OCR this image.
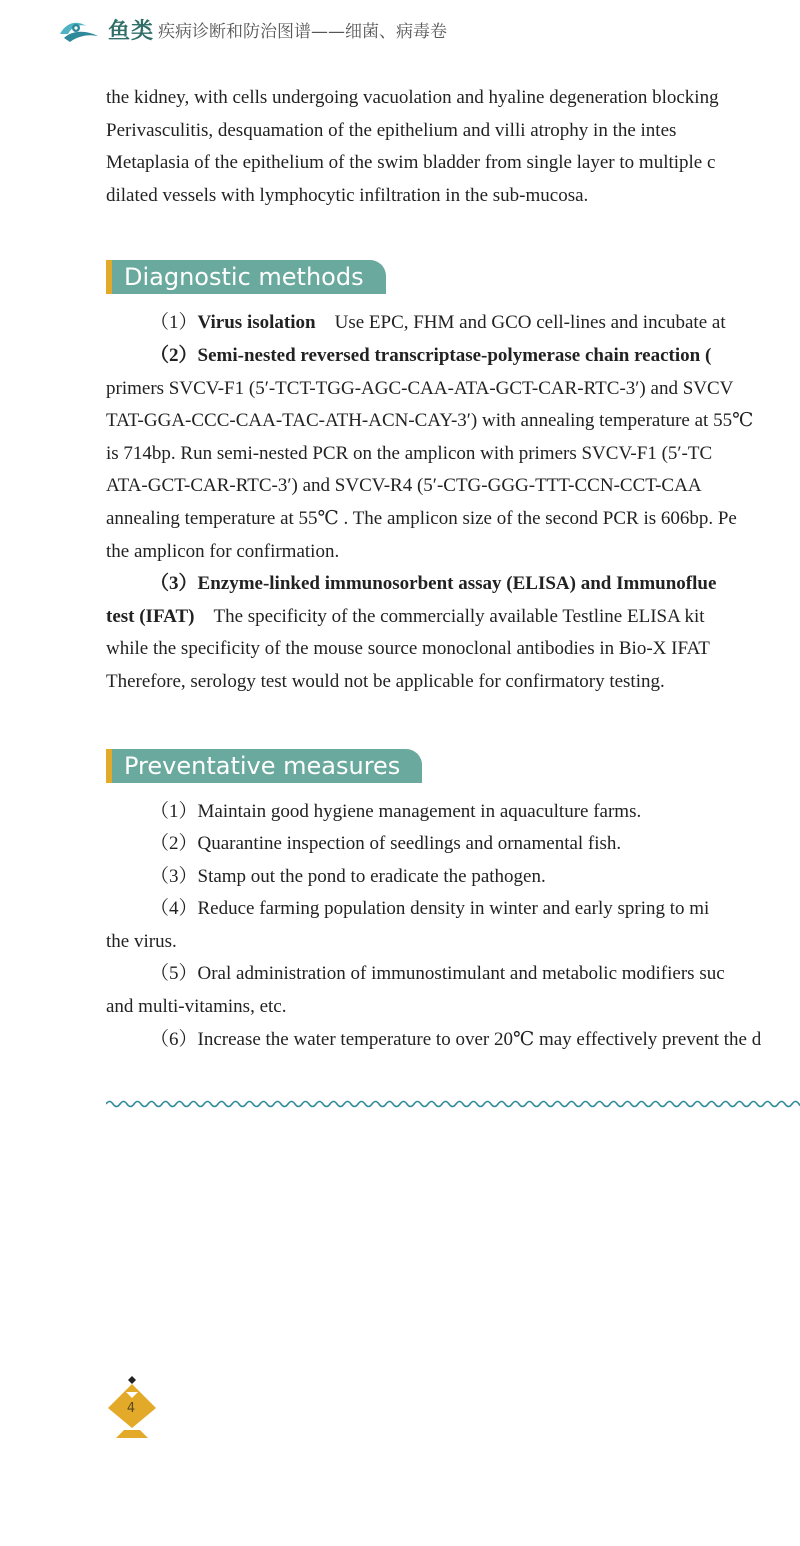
鱼类 疾病诊断和防治图谱——细菌、病毒卷
the kidney, with cells undergoing vacuolation and hyaline degeneration blocking
Perivasculitis, desquamation of the epithelium and villi atrophy in the intes
Metaplasia of the epithelium of the swim bladder from single layer to multiple c
dilated vessels with lymphocytic infiltration in the sub-mucosa.
Diagnostic methods
（1）Virus isolation Use EPC, FHM and GCO cell-lines and incubate at
（2）Semi-nested reversed transcriptase-polymerase chain reaction (
primers SVCV-F1 (5′-TCT-TGG-AGC-CAA-ATA-GCT-CAR-RTC-3′) and SVCV
TAT-GGA-CCC-CAA-TAC-ATH-ACN-CAY-3′) with annealing temperature at 55℃
is 714bp. Run semi-nested PCR on the amplicon with primers SVCV-F1 (5′-TC
ATA-GCT-CAR-RTC-3′) and SVCV-R4 (5′-CTG-GGG-TTT-CCN-CCT-CAA
annealing temperature at 55℃ . The amplicon size of the second PCR is 606bp. Pe
the amplicon for confirmation.
（3）Enzyme-linked immunosorbent assay (ELISA) and Immunoflue
test (IFAT) The specificity of the commercially available Testline ELISA kit
while the specificity of the mouse source monoclonal antibodies in Bio-X IFAT
Therefore, serology test would not be applicable for confirmatory testing.
Preventative measures
（1）Maintain good hygiene management in aquaculture farms.
（2）Quarantine inspection of seedlings and ornamental fish.
（3）Stamp out the pond to eradicate the pathogen.
（4）Reduce farming population density in winter and early spring to mi
the virus.
（5）Oral administration of immunostimulant and metabolic modifiers suc
and multi-vitamins, etc.
（6）Increase the water temperature to over 20℃ may effectively prevent the d
4
